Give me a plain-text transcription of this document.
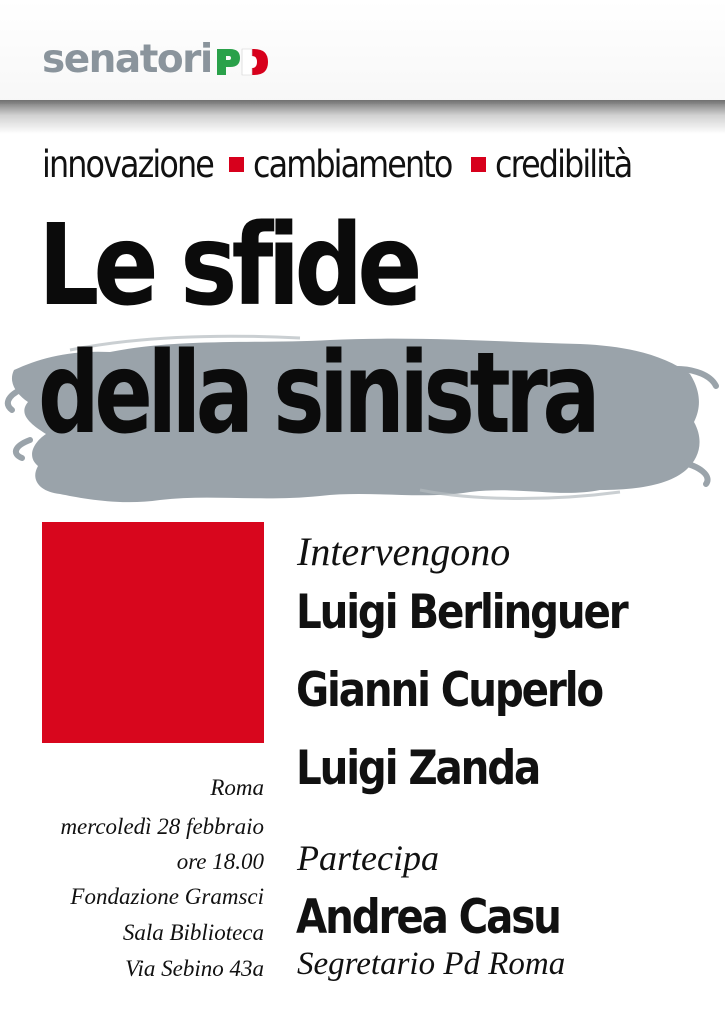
senatori
innovazione cambiamento credibilità
Le sfide
della sinistra
Intervengono
Luigi Berlinguer
Gianni Cuperlo
Luigi Zanda
Partecipa
Andrea Casu
Segretario Pd Roma
Roma
mercoledì 28 febbraio
ore 18.00
Fondazione Gramsci
Sala Biblioteca
Via Sebino 43a
